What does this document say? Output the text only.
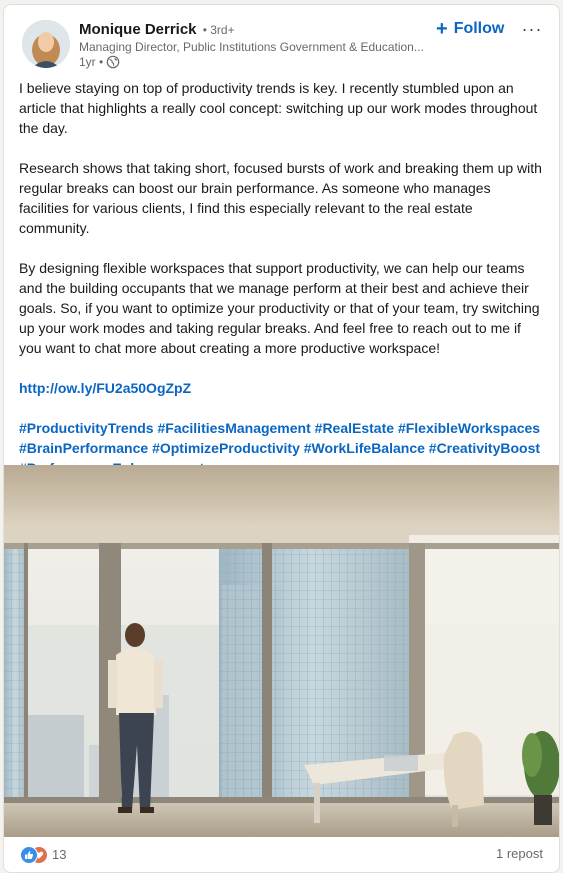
Monique Derrick • 3rd+
Managing Director, Public Institutions Government & Education...
1yr •
+ Follow ···

I believe staying on top of productivity trends is key. I recently stumbled upon an article that highlights a really cool concept: switching up our work modes throughout the day.

Research shows that taking short, focused bursts of work and breaking them up with regular breaks can boost our brain performance. As someone who manages facilities for various clients, I find this especially relevant to the real estate community.

By designing flexible workspaces that support productivity, we can help our teams and the building occupants that we manage perform at their best and achieve their goals. So, if you want to optimize your productivity or that of your team, try switching up your work modes and taking regular breaks. And feel free to reach out to me if you want to chat more about creating a more productive workspace!

http://ow.ly/FU2a50OgZpZ

#ProductivityTrends #FacilitiesManagement #RealEstate #FlexibleWorkspaces
#BrainPerformance #OptimizeProductivity #WorkLifeBalance #CreativityBoost

13	1 repost
